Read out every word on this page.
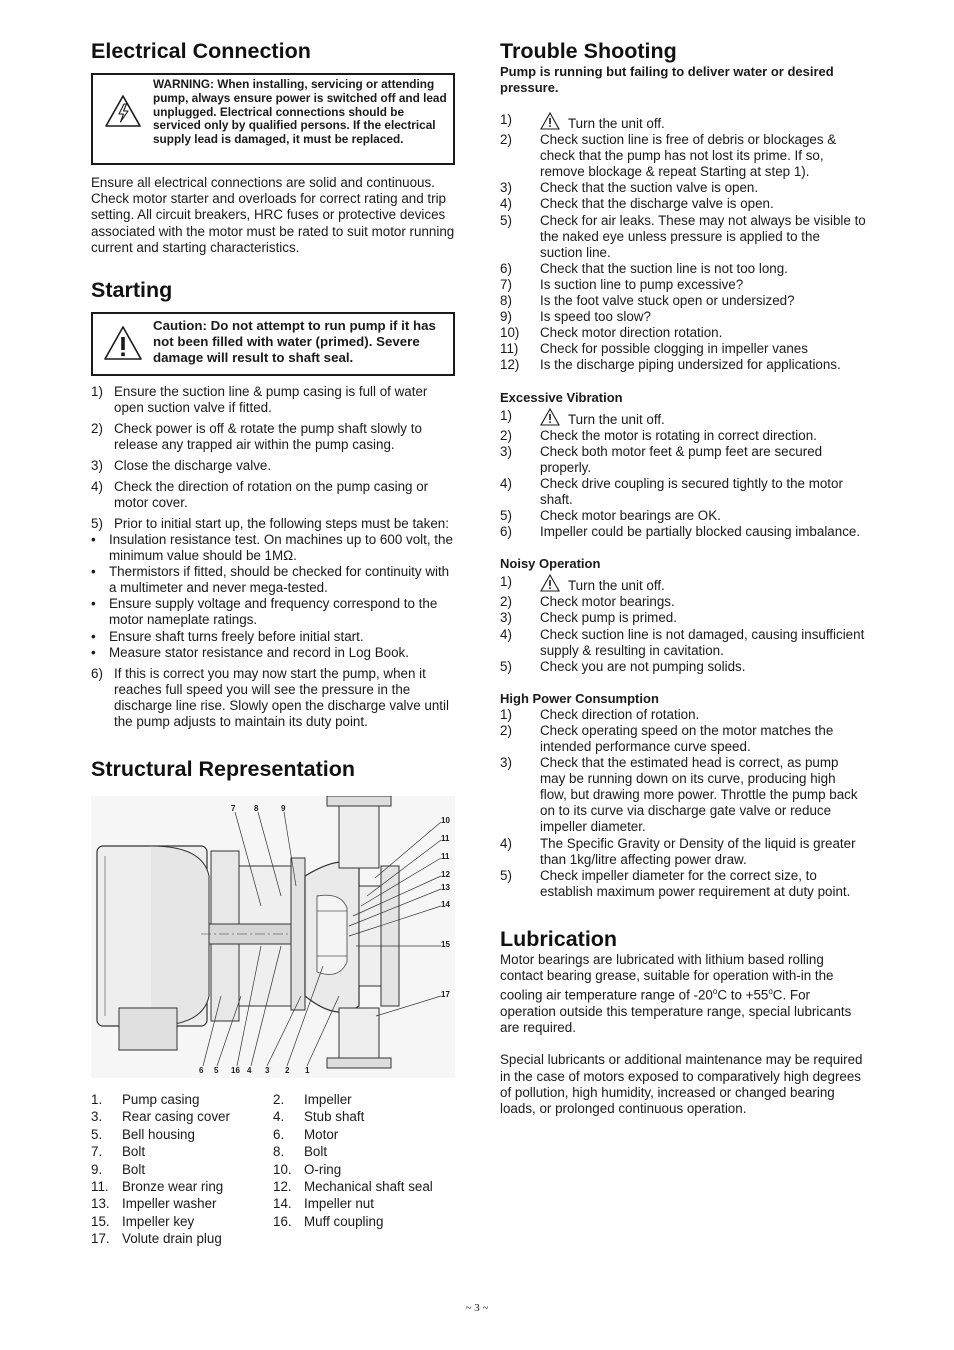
Electrical Connection
WARNING: When installing, servicing or attending pump, always ensure power is switched off and lead unplugged. Electrical connections should be serviced only by qualified persons. If the electrical supply lead is damaged, it must be replaced.

Ensure all electrical connections are solid and continuous. Check motor starter and overloads for correct rating and trip setting. All circuit breakers, HRC fuses or protective devices associated with the motor must be rated to suit motor running current and starting characteristics.

Starting
Caution: Do not attempt to run pump if it has not been filled with water (primed). Severe damage will result to shaft seal.
1) Ensure the suction line & pump casing is full of water open suction valve if fitted.
2) Check power is off & rotate the pump shaft slowly to release any trapped air within the pump casing.
3) Close the discharge valve.
4) Check the direction of rotation on the pump casing or motor cover.
5) Prior to initial start up, the following steps must be taken:
• Insulation resistance test. On machines up to 600 volt, the minimum value should be 1MΩ.
• Thermistors if fitted, should be checked for continuity with a multimeter and never mega-tested.
• Ensure supply voltage and frequency correspond to the motor nameplate ratings.
• Ensure shaft turns freely before initial start.
• Measure stator resistance and record in Log Book.
6) If this is correct you may now start the pump, when it reaches full speed you will see the pressure in the discharge line rise. Slowly open the discharge valve until the pump adjusts to maintain its duty point.
Structural Representation
7 8	9
10
11
11
12
13
14
15
17
6 5 16 4 3 2 1
1.	Pump casing	2.	Impeller
3.	Rear casing cover	4.	Stub shaft
5.	Bell housing	6.	Motor
7.	Bolt	8.	Bolt
9.	Bolt	10. O-ring
11. Bronze wear ring	12. Mechanical shaft seal
13. Impeller washer	14. Impeller nut
15. Impeller key	16. Muff coupling
17. Volute drain plug
Trouble Shooting

Pump is running but failing to deliver water or desired pressure.

1)	Turn the unit off.
2)	Check suction line is free of debris or blockages & check that the pump has not lost its prime. If so, remove blockage & repeat Starting at step 1).
3)	Check that the suction valve is open.
4)	Check that the discharge valve is open.
5)	Check for air leaks. These may not always be visible to the naked eye unless pressure is applied to the suction line.
6)	Check that the suction line is not too long.
7)	Is suction line to pump excessive?
8)	Is the foot valve stuck open or undersized?
9)	Is speed too slow?
10)	Check motor direction rotation.
11)	Check for possible clogging in impeller vanes
12)	Is the discharge piping undersized for applications.

Excessive Vibration

1)	Turn the unit off.
2)	Check the motor is rotating in correct direction.
3)	Check both motor feet & pump feet are secured properly.
4)	Check drive coupling is secured tightly to the motor shaft.
5)	Check motor bearings are OK.
6)	Impeller could be partially blocked causing imbalance.

Noisy Operation

1)	Turn the unit off.
2)	Check motor bearings.
3)	Check pump is primed.
4)	Check suction line is not damaged, causing insufficient supply & resulting in cavitation.
5)	Check you are not pumping solids.

High Power Consumption

1)	Check direction of rotation.
2)	Check operating speed on the motor matches the intended performance curve speed.
3)	Check that the estimated head is correct, as pump may be running down on its curve, producing high flow, but drawing more power. Throttle the pump back on to its curve via discharge gate valve or reduce impeller diameter.
4)	The Specific Gravity or Density of the liquid is greater than 1kg/litre affecting power draw.
5)	Check impeller diameter for the correct size, to establish maximum power requirement at duty point.
Lubrication

Motor bearings are lubricated with lithium based rolling contact bearing grease, suitable for operation with-in the cooling air temperature range of -20$^o$C to $+55^oC$. For operation outside this temperature range, special lubricants are required.

Special lubricants or additional maintenance may be required in the case of motors exposed to comparatively high degrees of pollution, high humidity, increased or changed bearing loads, or prolonged continuous operation.

~ 3 ~
